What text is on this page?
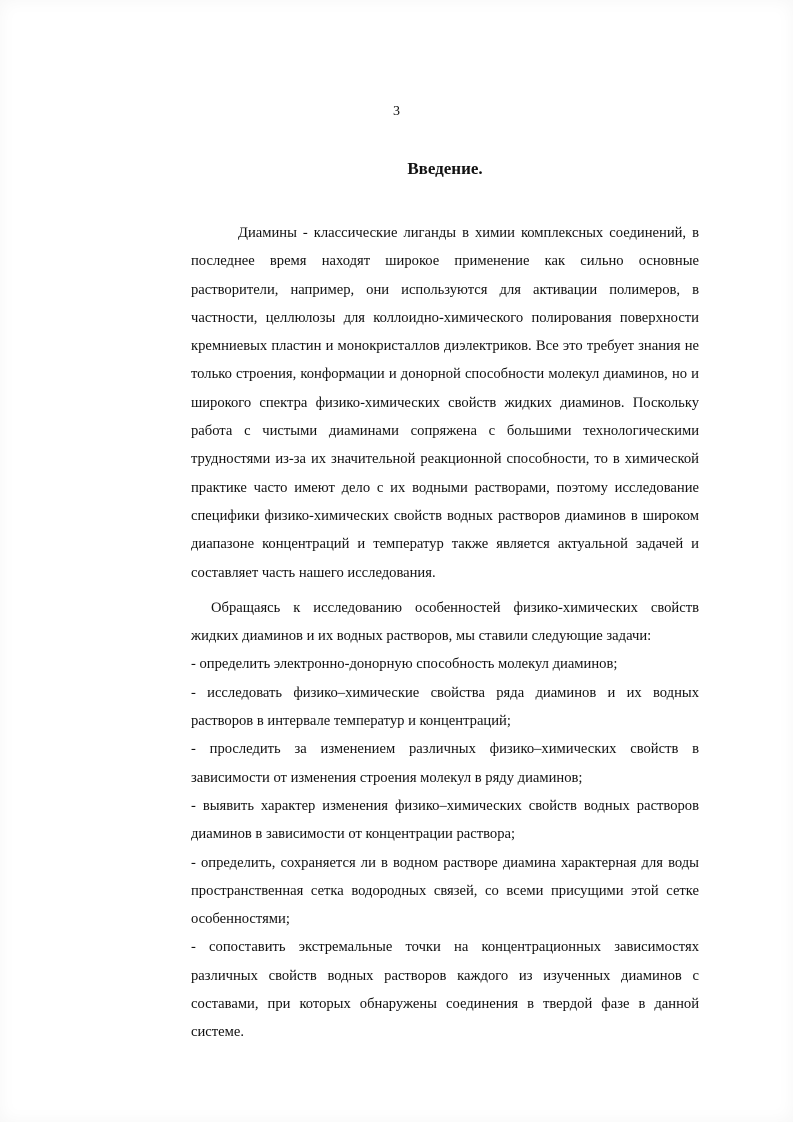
3
Введение.

Диамины - классические лиганды в химии комплексных соединений, в последнее время находят широкое применение как сильно основные растворители, например, они используются для активации полимеров, в частности, целлюлозы для коллоидно-химического полирования поверхности кремниевых пластин и монокристаллов диэлектриков. Все это требует знания не только строения, конформации и донорной способности молекул диаминов, но и широкого спектра физико-химических свойств жидких диаминов. Поскольку работа с чистыми диаминами сопряжена с большими технологическими трудностями из-за их значительной реакционной способности, то в химической практике часто имеют дело с их водными растворами, поэтому исследование специфики физико-химических свойств водных растворов диаминов в широком диапазоне концентраций и температур также является актуальной задачей и составляет часть нашего исследования.

Обращаясь к исследованию особенностей физико-химических свойств жидких диаминов и их водных растворов, мы ставили следующие задачи:

- определить электронно-донорную способность молекул диаминов;
- исследовать физико–химические свойства ряда диаминов и их водных растворов в интервале температур и концентраций;
- проследить за изменением различных физико–химических свойств в зависимости от изменения строения молекул в ряду диаминов;
- выявить характер изменения физико–химических свойств водных растворов диаминов в зависимости от концентрации раствора;
- определить, сохраняется ли в водном растворе диамина характерная для воды пространственная сетка водородных связей, со всеми присущими этой сетке особенностями;
- сопоставить экстремальные точки на концентрационных зависимостях различных свойств водных растворов каждого из изученных диаминов с составами, при которых обнаружены соединения в твердой фазе в данной системе.
